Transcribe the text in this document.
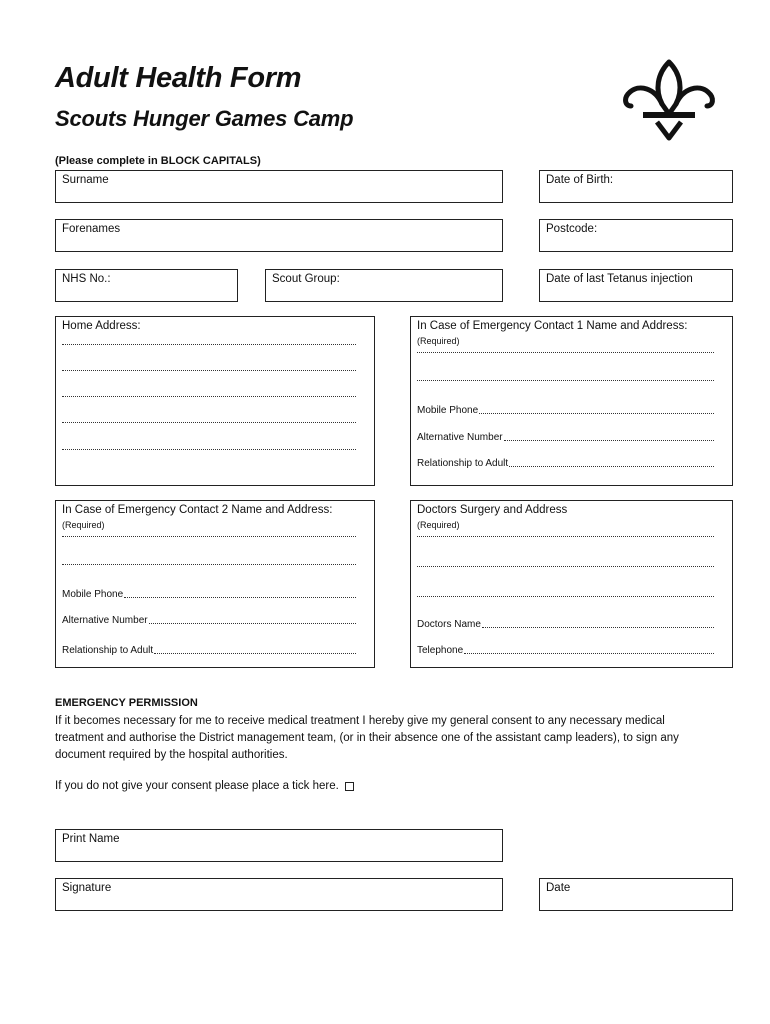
Adult Health Form
Scouts Hunger Games Camp
(Please complete in BLOCK CAPITALS)
Surname	Date of Birth:
Forenames	Postcode:
NHS No.:	Scout Group:	Date of last Tetanus injection
Home Address:	In Case of Emergency Contact 1 Name and Address:
(Required)
Mobile Phone
Alternative Number
Relationship to Adult
In Case of Emergency Contact 2 Name and Address:
(Required)
Mobile Phone
Alternative Number
Relationship to Adult
Doctors Surgery and Address
(Required)
Doctors Name
Telephone
EMERGENCY PERMISSION
If it becomes necessary for me to receive medical treatment I hereby give my general consent to any necessary medical treatment and authorise the District management team, (or in their absence one of the assistant camp leaders), to sign any document required by the hospital authorities.
If you do not give your consent please place a tick here.
Print Name
Signature	Date
